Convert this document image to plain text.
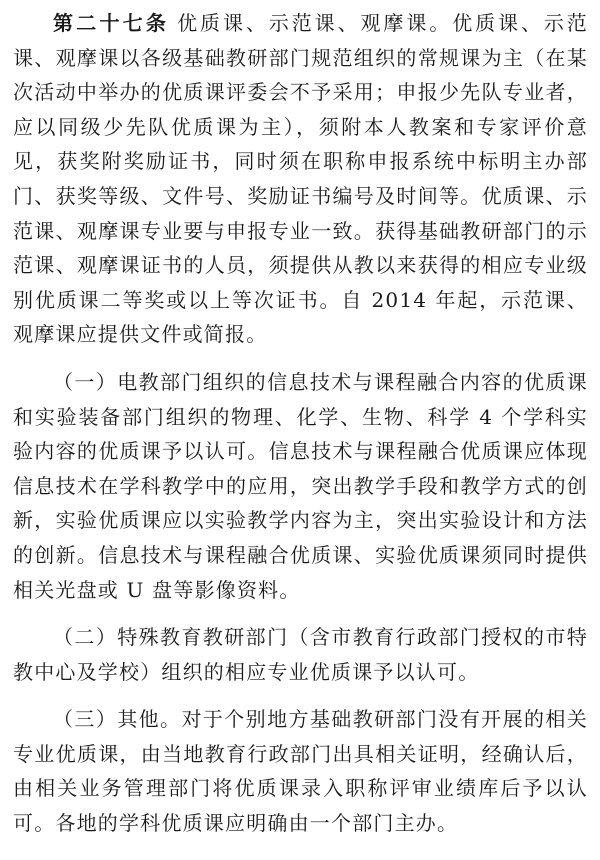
第二十七条 优质课、示范课、观摩课。优质课、示范课、观摩课以各级基础教研部门规范组织的常规课为主（在某次活动中举办的优质课评委会不予采用；申报少先队专业者，应以同级少先队优质课为主），须附本人教案和专家评价意见，获奖附奖励证书，同时须在职称申报系统中标明主办部门、获奖等级、文件号、奖励证书编号及时间等。优质课、示范课、观摩课专业要与申报专业一致。获得基础教研部门的示范课、观摩课证书的人员，须提供从教以来获得的相应专业级别优质课二等奖或以上等次证书。自 2014 年起，示范课、观摩课应提供文件或简报。

（一）电教部门组织的信息技术与课程融合内容的优质课和实验装备部门组织的物理、化学、生物、科学 4 个学科实验内容的优质课予以认可。信息技术与课程融合优质课应体现信息技术在学科教学中的应用，突出教学手段和教学方式的创新，实验优质课应以实验教学内容为主，突出实验设计和方法的创新。信息技术与课程融合优质课、实验优质课须同时提供相关光盘或 U 盘等影像资料。

（二）特殊教育教研部门（含市教育行政部门授权的市特教中心及学校）组织的相应专业优质课予以认可。

（三）其他。对于个别地方基础教研部门没有开展的相关专业优质课，由当地教育行政部门出具相关证明，经确认后，由相关业务管理部门将优质课录入职称评审业绩库后予以认可。各地的学科优质课应明确由一个部门主办。
